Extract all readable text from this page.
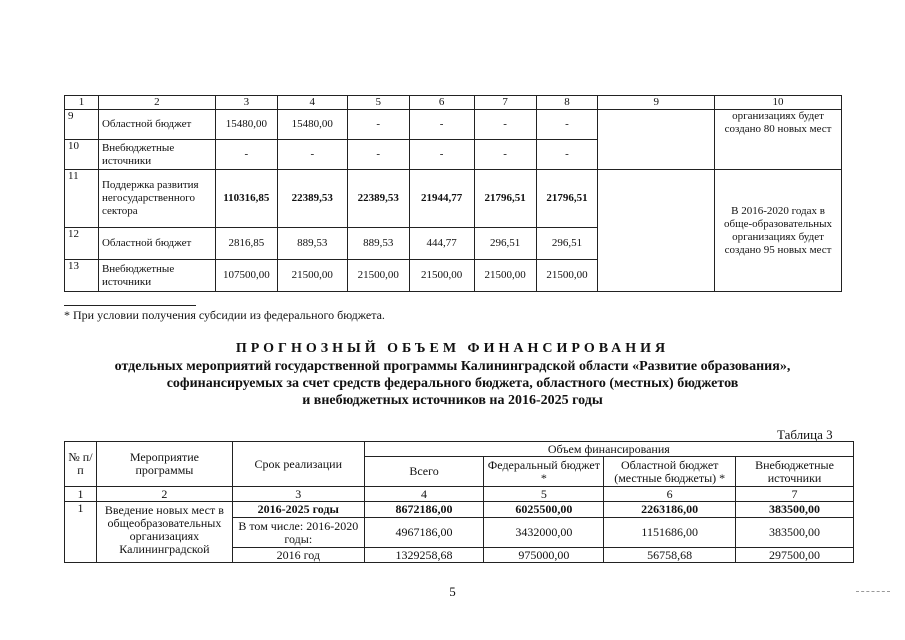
1	2	3	4	5	6	7	8	9	10
9	Областной бюджет	15480,00	15480,00	-	-	-	-		организациях будет создано 80 новых мест
10	Внебюджетные источники	-	-	-	-	-	-		
11	Поддержка развития негосударственного сектора	110316,85	22389,53	22389,53	21944,77	21796,51	21796,51		В 2016-2020 годах в обще-образовательных организациях будет создано 95 новых мест
12	Областной бюджет	2816,85	889,53	889,53	444,77	296,51	296,51		
13	Внебюджетные источники	107500,00	21500,00	21500,00	21500,00	21500,00	21500,00		
* При условии получения субсидии из федерального бюджета.
ПРОГНОЗНЫЙ ОБЪЕМ ФИНАНСИРОВАНИЯ
отдельных мероприятий государственной программы Калининградской области «Развитие образования»,
софинансируемых за счет средств федерального бюджета, областного (местных) бюджетов
и внебюджетных источников на 2016-2025 годы
Таблица 3
№ п/п	Мероприятие программы	Срок реализации	Объем финансирования			
			Всего	Федеральный бюджет *	Областной бюджет (местные бюджеты) *	Внебюджетные источники
1	2	3	4	5	6	7
1	Введение новых мест в общеобразовательных организациях Калининградской	2016-2025 годы	8672186,00	6025500,00	2263186,00	383500,00
		В том числе: 2016-2020 годы:	4967186,00	3432000,00	1151686,00	383500,00
		2016 год	1329258,68	975000,00	56758,68	297500,00
5
